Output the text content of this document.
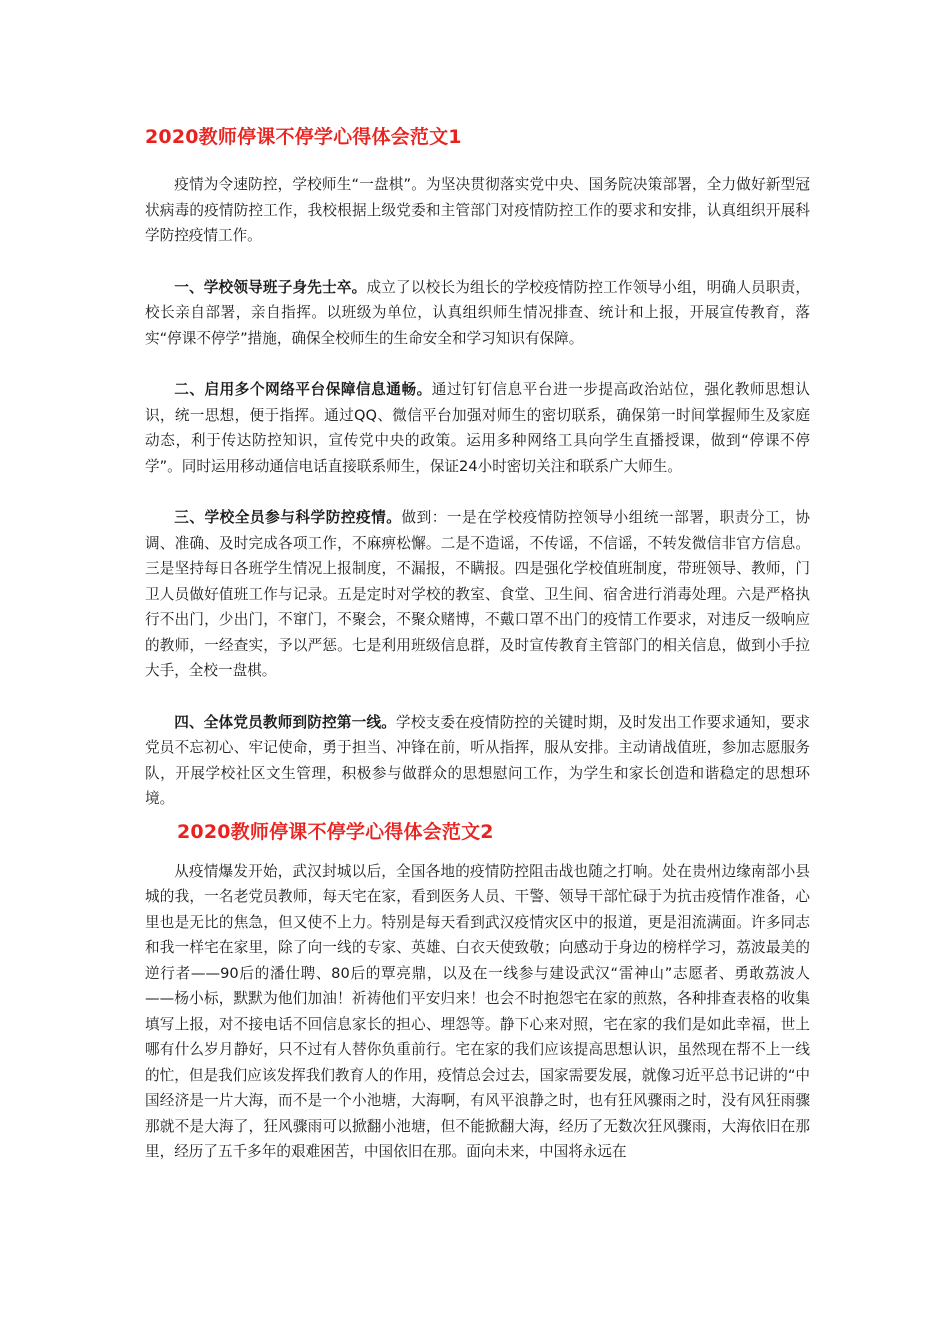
2020教师停课不停学心得体会范文1

疫情为令速防控，学校师生“一盘棋”。为坚决贯彻落实党中央、国务院决策部署，全力做好新型冠状病毒的疫情防控工作，我校根据上级党委和主管部门对疫情防控工作的要求和安排，认真组织开展科学防控疫情工作。

一、学校领导班子身先士卒。成立了以校长为组长的学校疫情防控工作领导小组，明确人员职责，校长亲自部署，亲自指挥。以班级为单位，认真组织师生情况排查、统计和上报，开展宣传教育，落实“停课不停学”措施，确保全校师生的生命安全和学习知识有保障。

二、启用多个网络平台保障信息通畅。通过钉钉信息平台进一步提高政治站位，强化教师思想认识，统一思想，便于指挥。通过QQ、微信平台加强对师生的密切联系，确保第一时间掌握师生及家庭动态，利于传达防控知识，宣传党中央的政策。运用多种网络工具向学生直播授课，做到“停课不停学”。同时运用移动通信电话直接联系师生，保证24小时密切关注和联系广大师生。

三、学校全员参与科学防控疫情。做到：一是在学校疫情防控领导小组统一部署，职责分工，协调、准确、及时完成各项工作，不麻痹松懈。二是不造谣，不传谣，不信谣，不转发微信非官方信息。三是坚持每日各班学生情况上报制度，不漏报，不瞒报。四是强化学校值班制度，带班领导、教师，门卫人员做好值班工作与记录。五是定时对学校的教室、食堂、卫生间、宿舍进行消毒处理。六是严格执行不出门，少出门，不窜门，不聚会，不聚众赌博，不戴口罩不出门的疫情工作要求，对违反一级响应的教师，一经查实，予以严惩。七是利用班级信息群，及时宣传教育主管部门的相关信息，做到小手拉大手，全校一盘棋。

四、全体党员教师到防控第一线。学校支委在疫情防控的关键时期，及时发出工作要求通知，要求党员不忘初心、牢记使命，勇于担当、冲锋在前，听从指挥，服从安排。主动请战值班，参加志愿服务队，开展学校社区文生管理，积极参与做群众的思想慰问工作，为学生和家长创造和谐稳定的思想环境。

2020教师停课不停学心得体会范文2

从疫情爆发开始，武汉封城以后，全国各地的疫情防控阻击战也随之打响。处在贵州边缘南部小县城的我，一名老党员教师，每天宅在家，看到医务人员、干警、领导干部忙碌于为抗击疫情作准备，心里也是无比的焦急，但又使不上力。特别是每天看到武汉疫情灾区中的报道，更是泪流满面。许多同志和我一样宅在家里，除了向一线的专家、英雄、白衣天使致敬；向感动于身边的榜样学习，荔波最美的逆行者——90后的潘仕聘、80后的覃亮鼎，以及在一线参与建设武汉“雷神山”志愿者、勇敢荔波人——杨小标，默默为他们加油！祈祷他们平安归来！也会不时抱怨宅在家的煎熬，各种排查表格的收集填写上报，对不接电话不回信息家长的担心、埋怨等。静下心来对照，宅在家的我们是如此幸福，世上哪有什么岁月静好，只不过有人替你负重前行。宅在家的我们应该提高思想认识，虽然现在帮不上一线的忙，但是我们应该发挥我们教育人的作用，疫情总会过去，国家需要发展，就像习近平总书记讲的“中国经济是一片大海，而不是一个小池塘，大海啊，有风平浪静之时，也有狂风骤雨之时，没有风狂雨骤那就不是大海了，狂风骤雨可以掀翻小池塘，但不能掀翻大海，经历了无数次狂风骤雨，大海依旧在那里，经历了五千多年的艰难困苦，中国依旧在那。面向未来，中国将永远在
